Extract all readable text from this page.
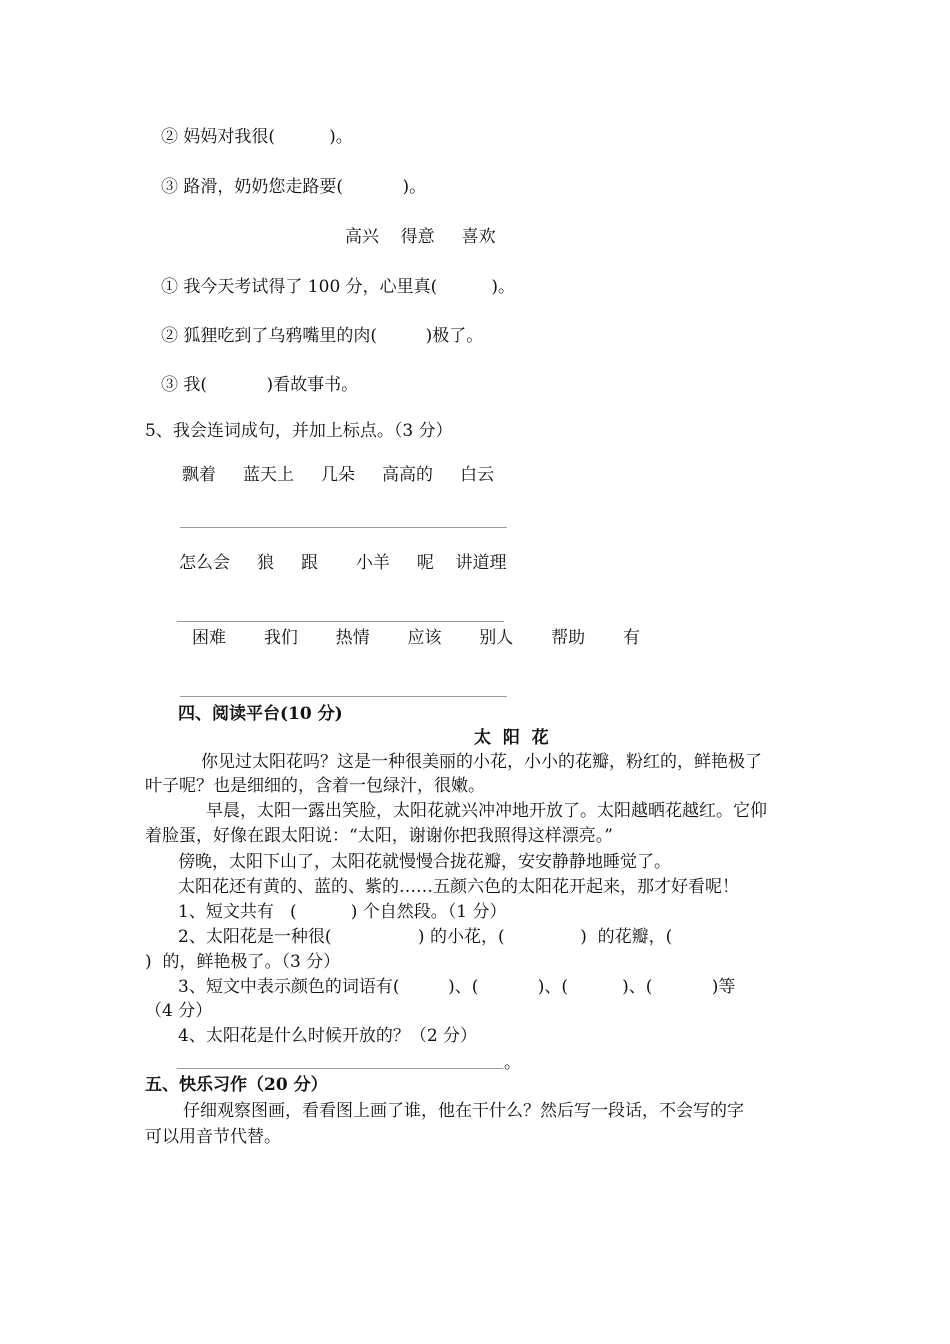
② 妈妈对我很(          )。
③ 路滑，奶奶您走路要(           )。
高兴    得意     喜欢
① 我今天考试得了 100 分，心里真(          )。
② 狐狸吃到了乌鸦嘴里的肉(         )极了。
③ 我(           )看故事书。
5、我会连词成句，并加上标点。（3 分）
飘着     蓝天上     几朵     高高的     白云
怎么会     狼     跟       小羊     呢    讲道理
困难       我们       热情       应该       别人       帮助       有
四、阅读平台(10 分)
太  阳  花
你见过太阳花吗？这是一种很美丽的小花，小小的花瓣，粉红的，鲜艳极了
叶子呢？也是细细的，含着一包绿汁，很嫩。
早晨，太阳一露出笑脸，太阳花就兴冲冲地开放了。太阳越晒花越红。它仰
着脸蛋，好像在跟太阳说：“太阳，谢谢你把我照得这样漂亮。”
傍晚，太阳下山了，太阳花就慢慢合拢花瓣，安安静静地睡觉了。
太阳花还有黄的、蓝的、紫的……五颜六色的太阳花开起来，那才好看呢！
1、短文共有   (          ) 个自然段。（1 分）
2、太阳花是一种很(                ) 的小花，(              )  的花瓣，(
)  的，鲜艳极了。（3 分）
3、短文中表示颜色的词语有(         )、(           )、(          )、(           )等
（4 分）
4、太阳花是什么时候开放的？（2 分）
。
五、快乐习作（20 分）
仔细观察图画，看看图上画了谁，他在干什么？然后写一段话，不会写的字
可以用音节代替。
